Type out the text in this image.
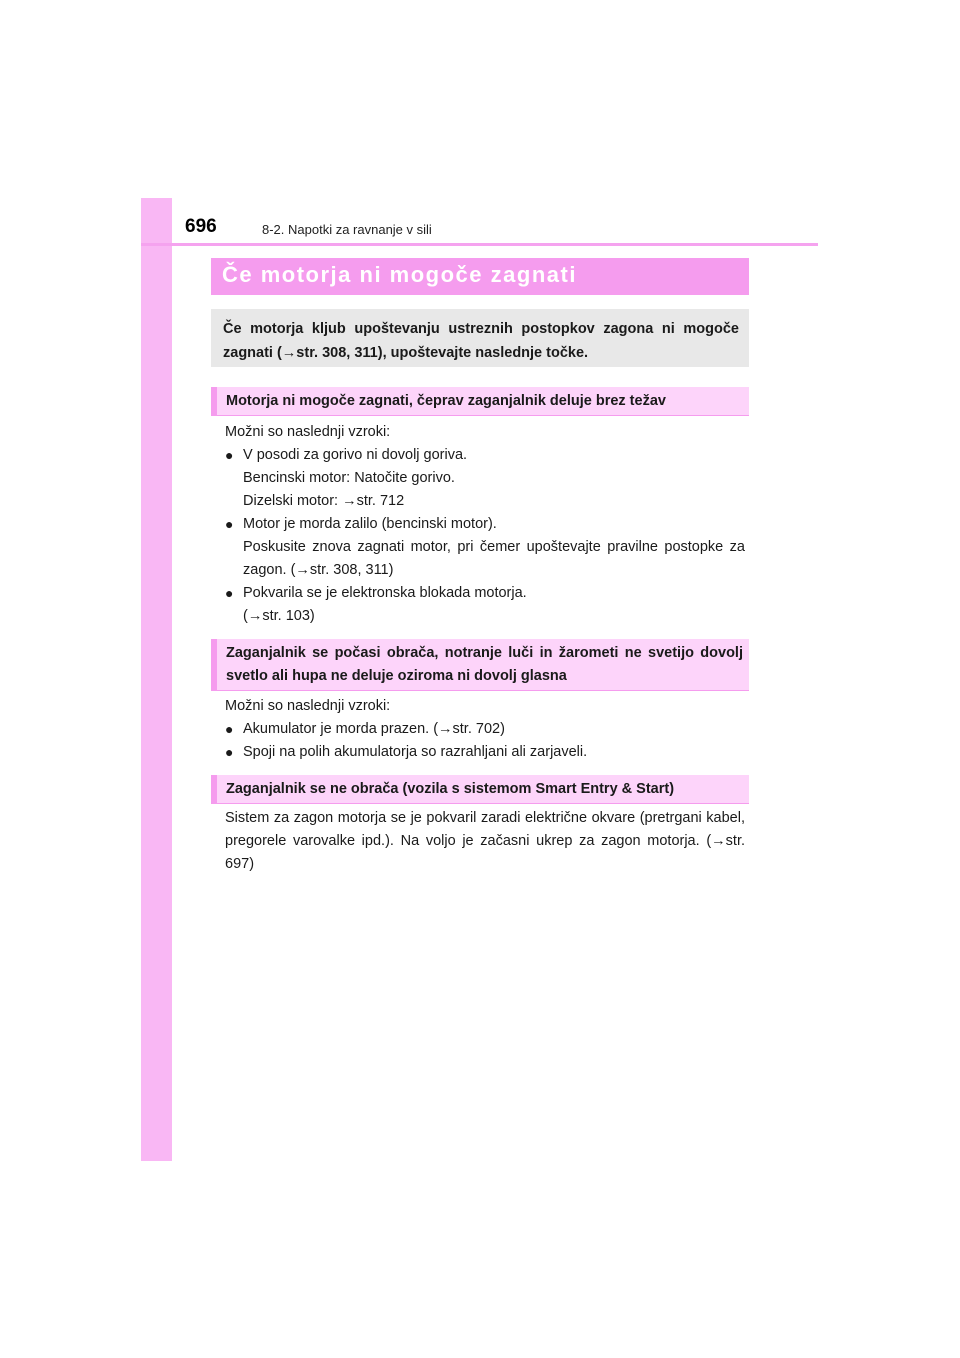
696	8-2. Napotki za ravnanje v sili
Če motorja ni mogoče zagnati

Če motorja kljub upoštevanju ustreznih postopkov zagona ni mogoče zagnati (→str. 308, 311), upoštevajte naslednje točke.

Motorja ni mogoče zagnati, čeprav zaganjalnik deluje brez težav

Možni so naslednji vzroki:

● V posodi za gorivo ni dovolj goriva.
Bencinski motor: Natočite gorivo.
Dizelski motor: →str. 712
● Motor je morda zalilo (bencinski motor).
Poskusite znova zagnati motor, pri čemer upoštevajte pravilne postopke za zagon. (→str. 308, 311)
● Pokvarila se je elektronska blokada motorja.
(→str. 103)
Zaganjalnik se počasi obrača, notranje luči in žarometi ne svetijo dovolj svetlo ali hupa ne deluje oziroma ni dovolj glasna

Možni so naslednji vzroki:

● Akumulator je morda prazen. (→str. 702)
● Spoji na polih akumulatorja so razrahljani ali zarjaveli.
Zaganjalnik se ne obrača (vozila s sistemom Smart Entry & Start)

Sistem za zagon motorja se je pokvaril zaradi električne okvare (pretrgani kabel, pregorele varovalke ipd.). Na voljo je začasni ukrep za zagon motorja. (→str. 697)
